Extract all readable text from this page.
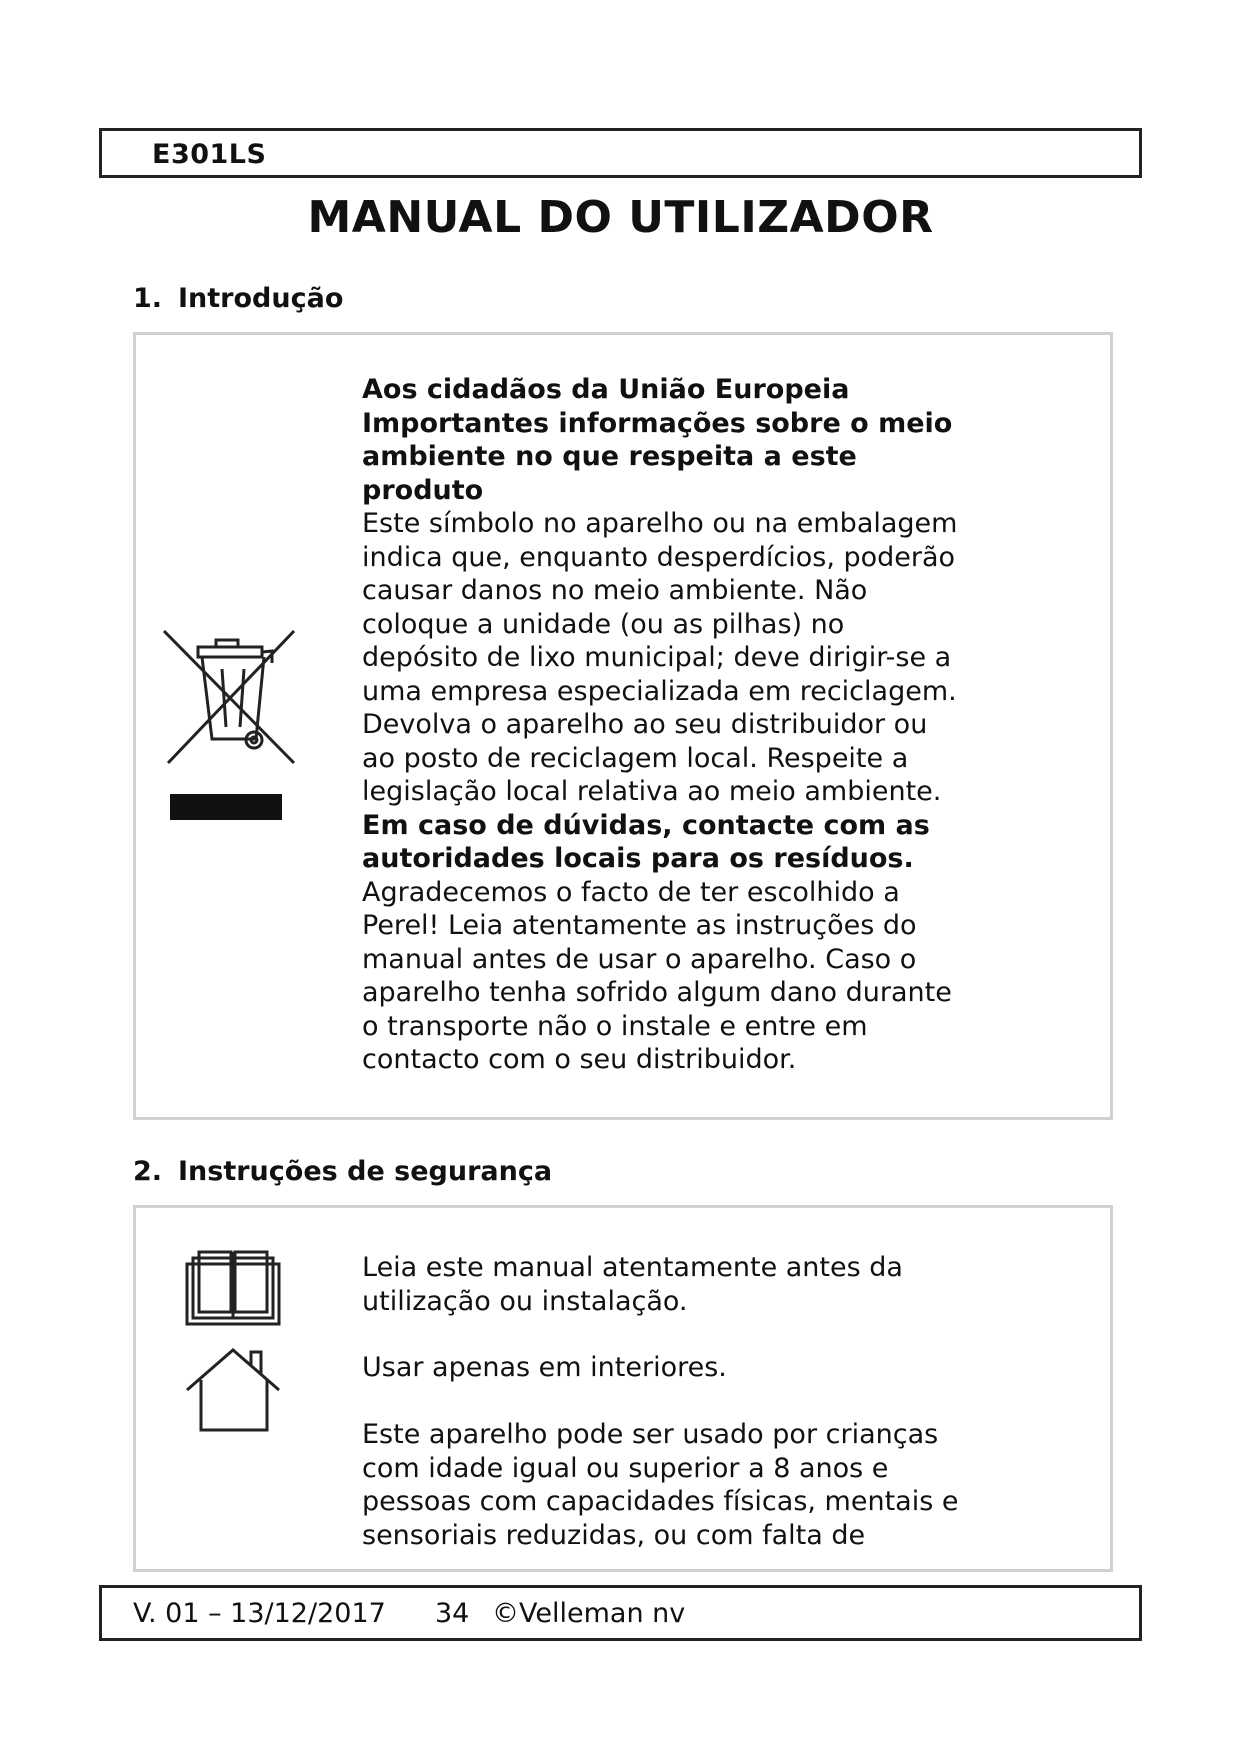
E301LS
MANUAL DO UTILIZADOR
1. Introdução

Aos cidadãos da União Europeia

Importantes informações sobre o meio

ambiente no que respeita a este

produto

Este símbolo no aparelho ou na embalagem

indica que, enquanto desperdícios, poderão

causar danos no meio ambiente. Não

coloque a unidade (ou as pilhas) no

depósito de lixo municipal; deve dirigir-se a

uma empresa especializada em reciclagem.

Devolva o aparelho ao seu distribuidor ou

ao posto de reciclagem local. Respeite a

legislação local relativa ao meio ambiente.

Em caso de dúvidas, contacte com as

autoridades locais para os resíduos.

Agradecemos o facto de ter escolhido a

Perel! Leia atentamente as instruções do

manual antes de usar o aparelho. Caso o

aparelho tenha sofrido algum dano durante

o transporte não o instale e entre em

contacto com o seu distribuidor.

2. Instruções de segurança

Leia este manual atentamente antes da

utilização ou instalação.

Usar apenas em interiores.

Este aparelho pode ser usado por crianças

com idade igual ou superior a 8 anos e

pessoas com capacidades físicas, mentais e

sensoriais reduzidas, ou com falta de

V. 01 – 13/12/2017 34 ©Velleman nv
